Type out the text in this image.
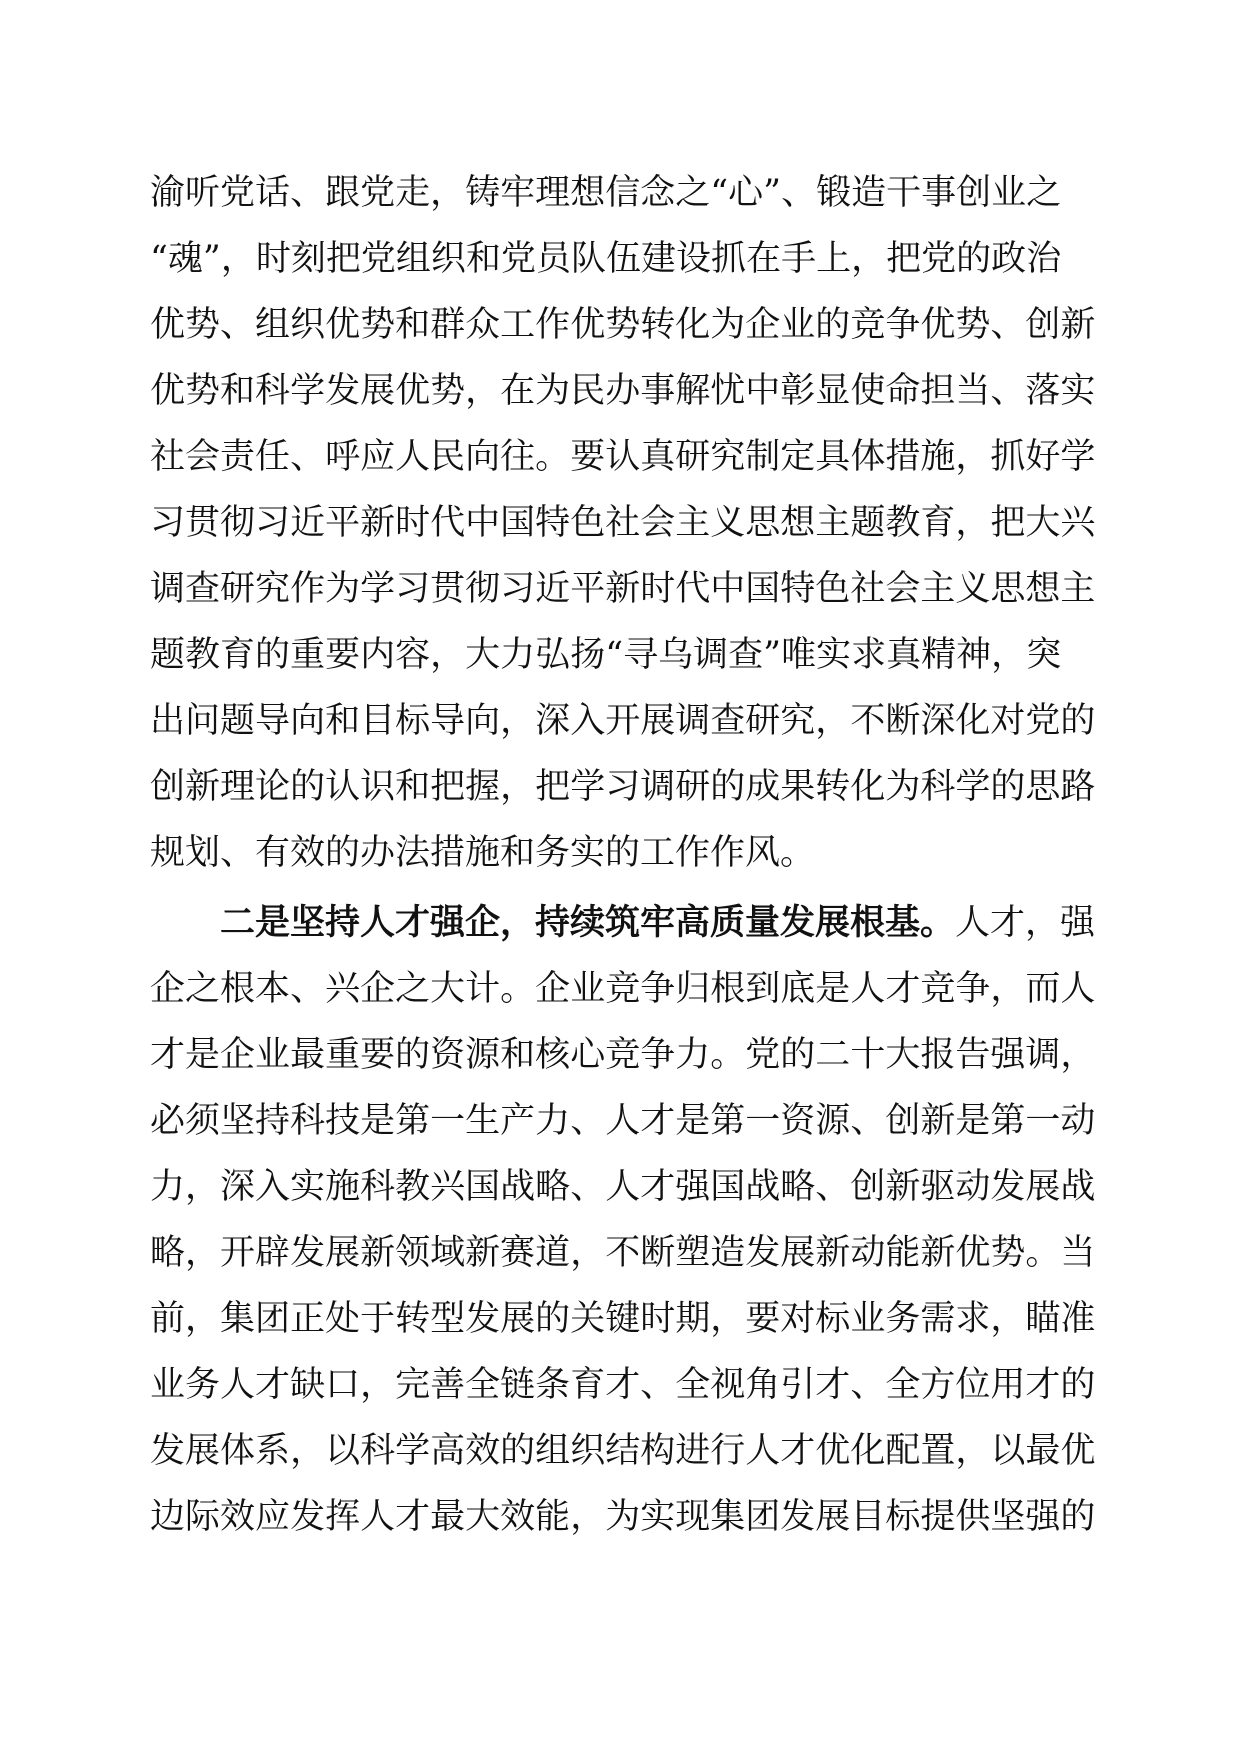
渝 听 党 话 、 跟 党 走 ， 铸 牢 理 想 信 念 之 “ 心 ” 、 锻 造 干 事 创 业 之
“ 魂 ” ， 时 刻 把 党 组 织 和 党 员 队 伍 建 设 抓 在 手 上 ， 把 党 的 政 治
优 势 、 组 织 优 势 和 群 众 工 作 优 势 转 化 为 企 业 的 竞 争 优 势 、 创 新
优 势 和 科 学 发 展 优 势 ， 在 为 民 办 事 解 忧 中 彰 显 使 命 担 当 、 落 实
社 会 责 任 、 呼 应 人 民 向 往 。 要 认 真 研 究 制 定 具 体 措 施 ， 抓 好 学
习 贯 彻 习 近 平 新 时 代 中 国 特 色 社 会 主 义 思 想 主 题 教 育 ， 把 大 兴
调 查 研 究 作 为 学 习 贯 彻 习 近 平 新 时 代 中 国 特 色 社 会 主 义 思 想 主
题 教 育 的 重 要 内 容 ， 大 力 弘 扬 “ 寻 乌 调 查 ” 唯 实 求 真 精 神 ， 突
出 问 题 导 向 和 目 标 导 向 ， 深 入 开 展 调 查 研 究 ， 不 断 深 化 对 党 的
创 新 理 论 的 认 识 和 把 握 ， 把 学 习 调 研 的 成 果 转 化 为 科 学 的 思 路
规划、有效的办法措施和务实的工作作风。
二是坚持人才强企，持续筑牢高质量发展根基。 人才，强
企 之 根 本 、 兴 企 之 大 计 。 企 业 竞 争 归 根 到 底 是 人 才 竞 争 ， 而 人
才 是 企 业 最 重 要 的 资 源 和 核 心 竞 争 力 。 党 的 二 十 大 报 告 强 调 ，
必 须 坚 持 科 技 是 第 一 生 产 力 、 人 才 是 第 一 资 源 、 创 新 是 第 一 动
力 ， 深 入 实 施 科 教 兴 国 战 略 、 人 才 强 国 战 略 、 创 新 驱 动 发 展 战
略 ， 开 辟 发 展 新 领 域 新 赛 道 ， 不 断 塑 造 发 展 新 动 能 新 优 势 。 当
前 ， 集 团 正 处 于 转 型 发 展 的 关 键 时 期 ， 要 对 标 业 务 需 求 ， 瞄 准
业 务 人 才 缺 口 ， 完 善 全 链 条 育 才 、 全 视 角 引 才 、 全 方 位 用 才 的
发 展 体 系 ， 以 科 学 高 效 的 组 织 结 构 进 行 人 才 优 化 配 置 ， 以 最 优
边 际 效 应 发 挥 人 才 最 大 效 能 ， 为 实 现 集 团 发 展 目 标 提 供 坚 强 的
